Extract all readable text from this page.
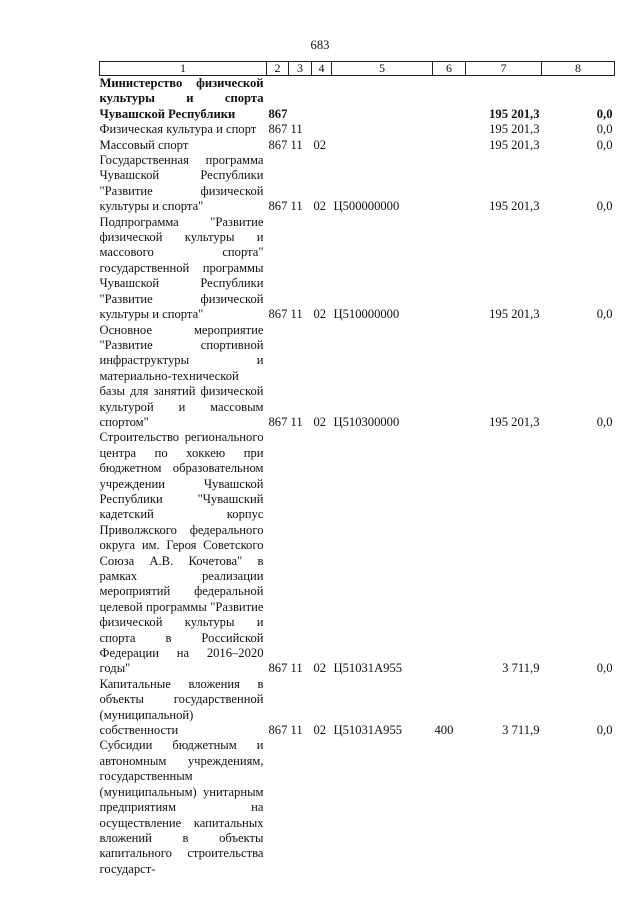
683
1	2	3	4	5	6	7	8
Министерство физической культуры и спорта Чувашской Республики	867					195 201,3	0,0
Физическая культура и спорт	867	11				195 201,3	0,0
Массовый спорт	867	11	02			195 201,3	0,0
Государственная программа Чувашской Республики "Развитие физической культуры и спорта"	867	11	02	Ц500000000		195 201,3	0,0
Подпрограмма "Развитие физической культуры и массового спорта" государственной программы Чувашской Республики "Развитие физической культуры и спорта"	867	11	02	Ц510000000		195 201,3	0,0
Основное мероприятие "Развитие спортивной инфраструктуры и материально-технической базы для занятий физической культурой и массовым спортом"	867	11	02	Ц510300000		195 201,3	0,0
Строительство регионального центра по хоккею при бюджетном образовательном учреждении Чувашской Республики "Чувашский кадетский корпус Приволжского федерального округа им. Героя Советского Союза А.В. Кочетова" в рамках реализации мероприятий федеральной целевой программы "Развитие физической культуры и спорта в Российской Федерации на 2016–2020 годы"	867	11	02	Ц51031А955		3 711,9	0,0
Капитальные вложения в объекты государственной (муниципальной) собственности	867	11	02	Ц51031А955	400	3 711,9	0,0
Субсидии бюджетным и автономным учреждениям, государственным (муниципальным) унитарным предприятиям на осуществление капитальных вложений в объекты капитального строительства государст-							
